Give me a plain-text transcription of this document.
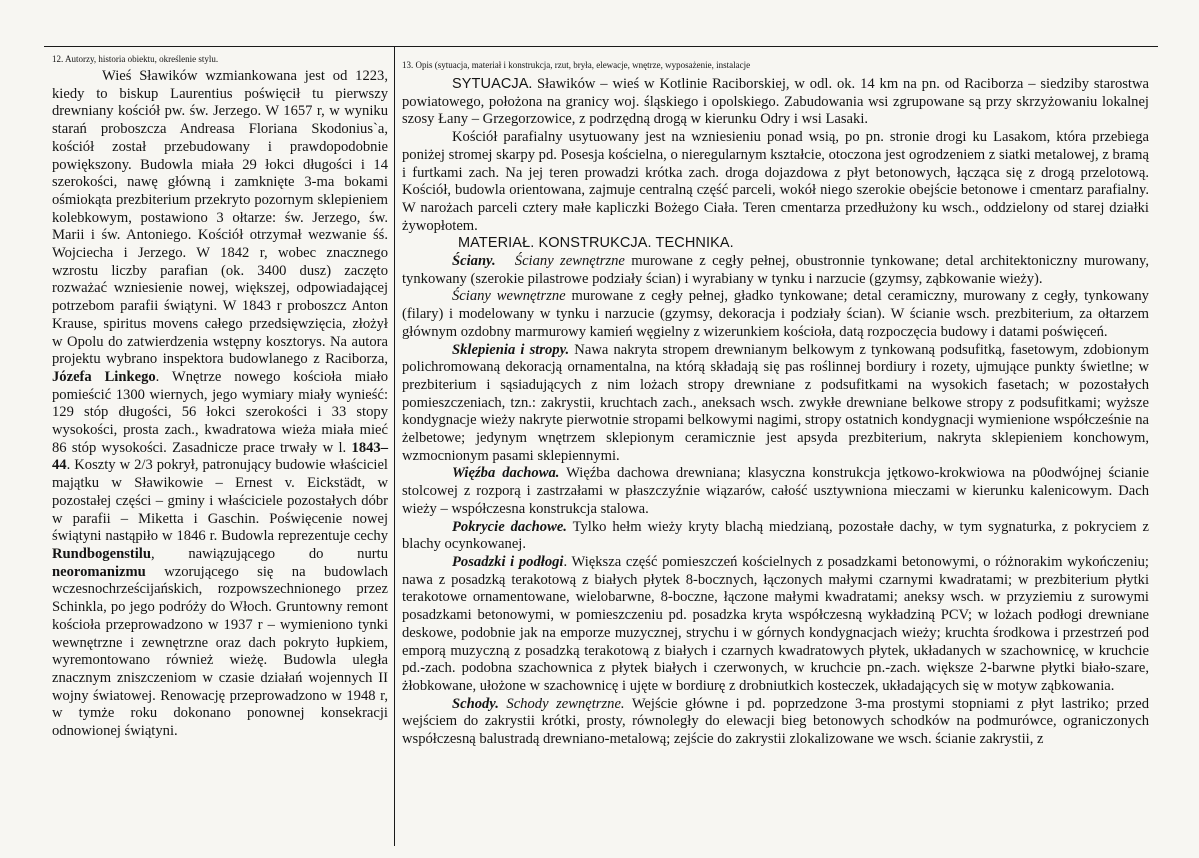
12. Autorzy, historia obiektu, określenie stylu.
13. Opis (sytuacja, materiał i konstrukcja, rzut, bryła, elewacje, wnętrze, wyposażenie, instalacje

Wieś Sławików wzmiankowana jest od 1223, kiedy to biskup Laurentius poświęcił tu pierwszy drewniany kościół pw. św. Jerzego. W 1657 r, w wyniku starań proboszcza Andreasa Floriana Skodonius`a, kościół został przebudowany i prawdopodobnie powiększony. Budowla miała 29 łokci długości i 14 szerokości, nawę główną i zamknięte 3-ma bokami ośmiokąta prezbiterium przekryto pozornym sklepieniem kolebkowym, postawiono 3 ołtarze: św. Jerzego, św. Marii i św. Antoniego. Kościół otrzymał wezwanie śś. Wojciecha i Jerzego. W 1842 r, wobec znacznego wzrostu liczby parafian (ok. 3400 dusz) zaczęto rozważać wzniesienie nowej, większej, odpowiadającej potrzebom parafii świątyni. W 1843 r proboszcz Anton Krause, spiritus movens całego przedsięwzięcia, złożył w Opolu do zatwierdzenia wstępny kosztorys. Na autora projektu wybrano inspektora budowlanego z Raciborza, Józefa Linkego. Wnętrze nowego kościoła miało pomieścić 1300 wiernych, jego wymiary miały wynieść: 129 stóp długości, 56 łokci szerokości i 33 stopy wysokości, prosta zach., kwadratowa wieża miała mieć 86 stóp wysokości. Zasadnicze prace trwały w l. 1843–44. Koszty w 2/3 pokrył, patronujący budowie właściciel majątku w Sławikowie – Ernest v. Eickstädt, w pozostałej części – gminy i właściciele pozostałych dóbr w parafii – Miketta i Gaschin. Poświęcenie nowej świątyni nastąpiło w 1846 r. Budowla reprezentuje cechy Rundbogenstilu, nawiązującego do nurtu neoromanizmu wzorującego się na budowlach wczesnochrześcijańskich, rozpowszechnionego przez Schinkla, po jego podróży do Włoch. Gruntowny remont kościoła przeprowadzono w 1937 r – wymieniono tynki wewnętrzne i zewnętrzne oraz dach pokryto łupkiem, wyremontowano również wieżę. Budowla uległa znacznym zniszczeniom w czasie działań wojennych II wojny światowej. Renowację przeprowadzono w 1948 r, w tymże roku dokonano ponownej konsekracji odnowionej świątyni.

SYTUACJA. Sławików – wieś w Kotlinie Raciborskiej, w odl. ok. 14 km na pn. od Raciborza – siedziby starostwa powiatowego, położona na granicy woj. śląskiego i opolskiego. Zabudowania wsi zgrupowane są przy skrzyżowaniu lokalnej szosy Łany – Grzegorzowice, z podrzędną drogą w kierunku Odry i wsi Lasaki.

Kościół parafialny usytuowany jest na wzniesieniu ponad wsią, po pn. stronie drogi ku Lasakom, która przebiega poniżej stromej skarpy pd. Posesja kościelna, o nieregularnym kształcie, otoczona jest ogrodzeniem z siatki metalowej, z bramą i furtkami zach. Na jej teren prowadzi krótka zach. droga dojazdowa z płyt betonowych, łącząca się z drogą przelotową. Kościół, budowla orientowana, zajmuje centralną część parceli, wokół niego szerokie obejście betonowe i cmentarz parafialny. W narożach parceli cztery małe kapliczki Bożego Ciała. Teren cmentarza przedłużony ku wsch., oddzielony od starej działki żywopłotem.

MATERIAŁ. KONSTRUKCJA. TECHNIKA.

Ściany. Ściany zewnętrzne murowane z cegły pełnej, obustronnie tynkowane; detal architektoniczny murowany, tynkowany (szerokie pilastrowe podziały ścian) i wyrabiany w tynku i narzucie (gzymsy, ząbkowanie wieży).

Ściany wewnętrzne murowane z cegły pełnej, gładko tynkowane; detal ceramiczny, murowany z cegły, tynkowany (filary) i modelowany w tynku i narzucie (gzymsy, dekoracja i podziały ścian). W ścianie wsch. prezbiterium, za ołtarzem głównym ozdobny marmurowy kamień węgielny z wizerunkiem kościoła, datą rozpoczęcia budowy i datami poświęceń.

Sklepienia i stropy. Nawa nakryta stropem drewnianym belkowym z tynkowaną podsufitką, fasetowym, zdobionym polichromowaną dekoracją ornamentalna, na którą składają się pas roślinnej bordiury i rozety, ujmujące punkty świetlne; w prezbiterium i sąsiadujących z nim lożach stropy drewniane z podsufitkami na wysokich fasetach; w pozostałych pomieszczeniach, tzn.: zakrystii, kruchtach zach., aneksach wsch. zwykłe drewniane belkowe stropy z podsufitkami; wyższe kondygnacje wieży nakryte pierwotnie stropami belkowymi nagimi, stropy ostatnich kondygnacji wymienione współcześnie na żelbetowe; jedynym wnętrzem sklepionym ceramicznie jest apsyda prezbiterium, nakryta sklepieniem konchowym, wzmocnionym pasami sklepiennymi.

Więźba dachowa. Więźba dachowa drewniana; klasyczna konstrukcja jętkowo-krokwiowa na p0odwójnej ścianie stolcowej z rozporą i zastrzałami w płaszczyźnie wiązarów, całość usztywniona mieczami w kierunku kalenicowym. Dach wieży – współczesna konstrukcja stalowa.

Pokrycie dachowe. Tylko hełm wieży kryty blachą miedzianą, pozostałe dachy, w tym sygnaturka, z pokryciem z blachy ocynkowanej.

Posadzki i podłogi. Większa część pomieszczeń kościelnych z posadzkami betonowymi, o różnorakim wykończeniu; nawa z posadzką terakotową z białych płytek 8-bocznych, łączonych małymi czarnymi kwadratami; w prezbiterium płytki terakotowe ornamentowane, wielobarwne, 8-boczne, łączone małymi kwadratami; aneksy wsch. w przyziemiu z surowymi posadzkami betonowymi, w pomieszczeniu pd. posadzka kryta współczesną wykładziną PCV; w lożach podłogi drewniane deskowe, podobnie jak na emporze muzycznej, strychu i w górnych kondygnacjach wieży; kruchta środkowa i przestrzeń pod emporą muzyczną z posadzką terakotową z białych i czarnych kwadratowych płytek, układanych w szachownicę, w kruchcie pd.-zach. podobna szachownica z płytek białych i czerwonych, w kruchcie pn.-zach. większe 2-barwne płytki biało-szare, żłobkowane, ułożone w szachownicę i ujęte w bordiurę z drobniutkich kosteczek, układających się w motyw ząbkowania.

Schody. Schody zewnętrzne. Wejście główne i pd. poprzedzone 3-ma prostymi stopniami z płyt lastriko; przed wejściem do zakrystii krótki, prosty, równoległy do elewacji bieg betonowych schodków na podmurówce, ograniczonych współczesną balustradą drewniano-metalową; zejście do zakrystii zlokalizowane we wsch. ścianie zakrystii, z
